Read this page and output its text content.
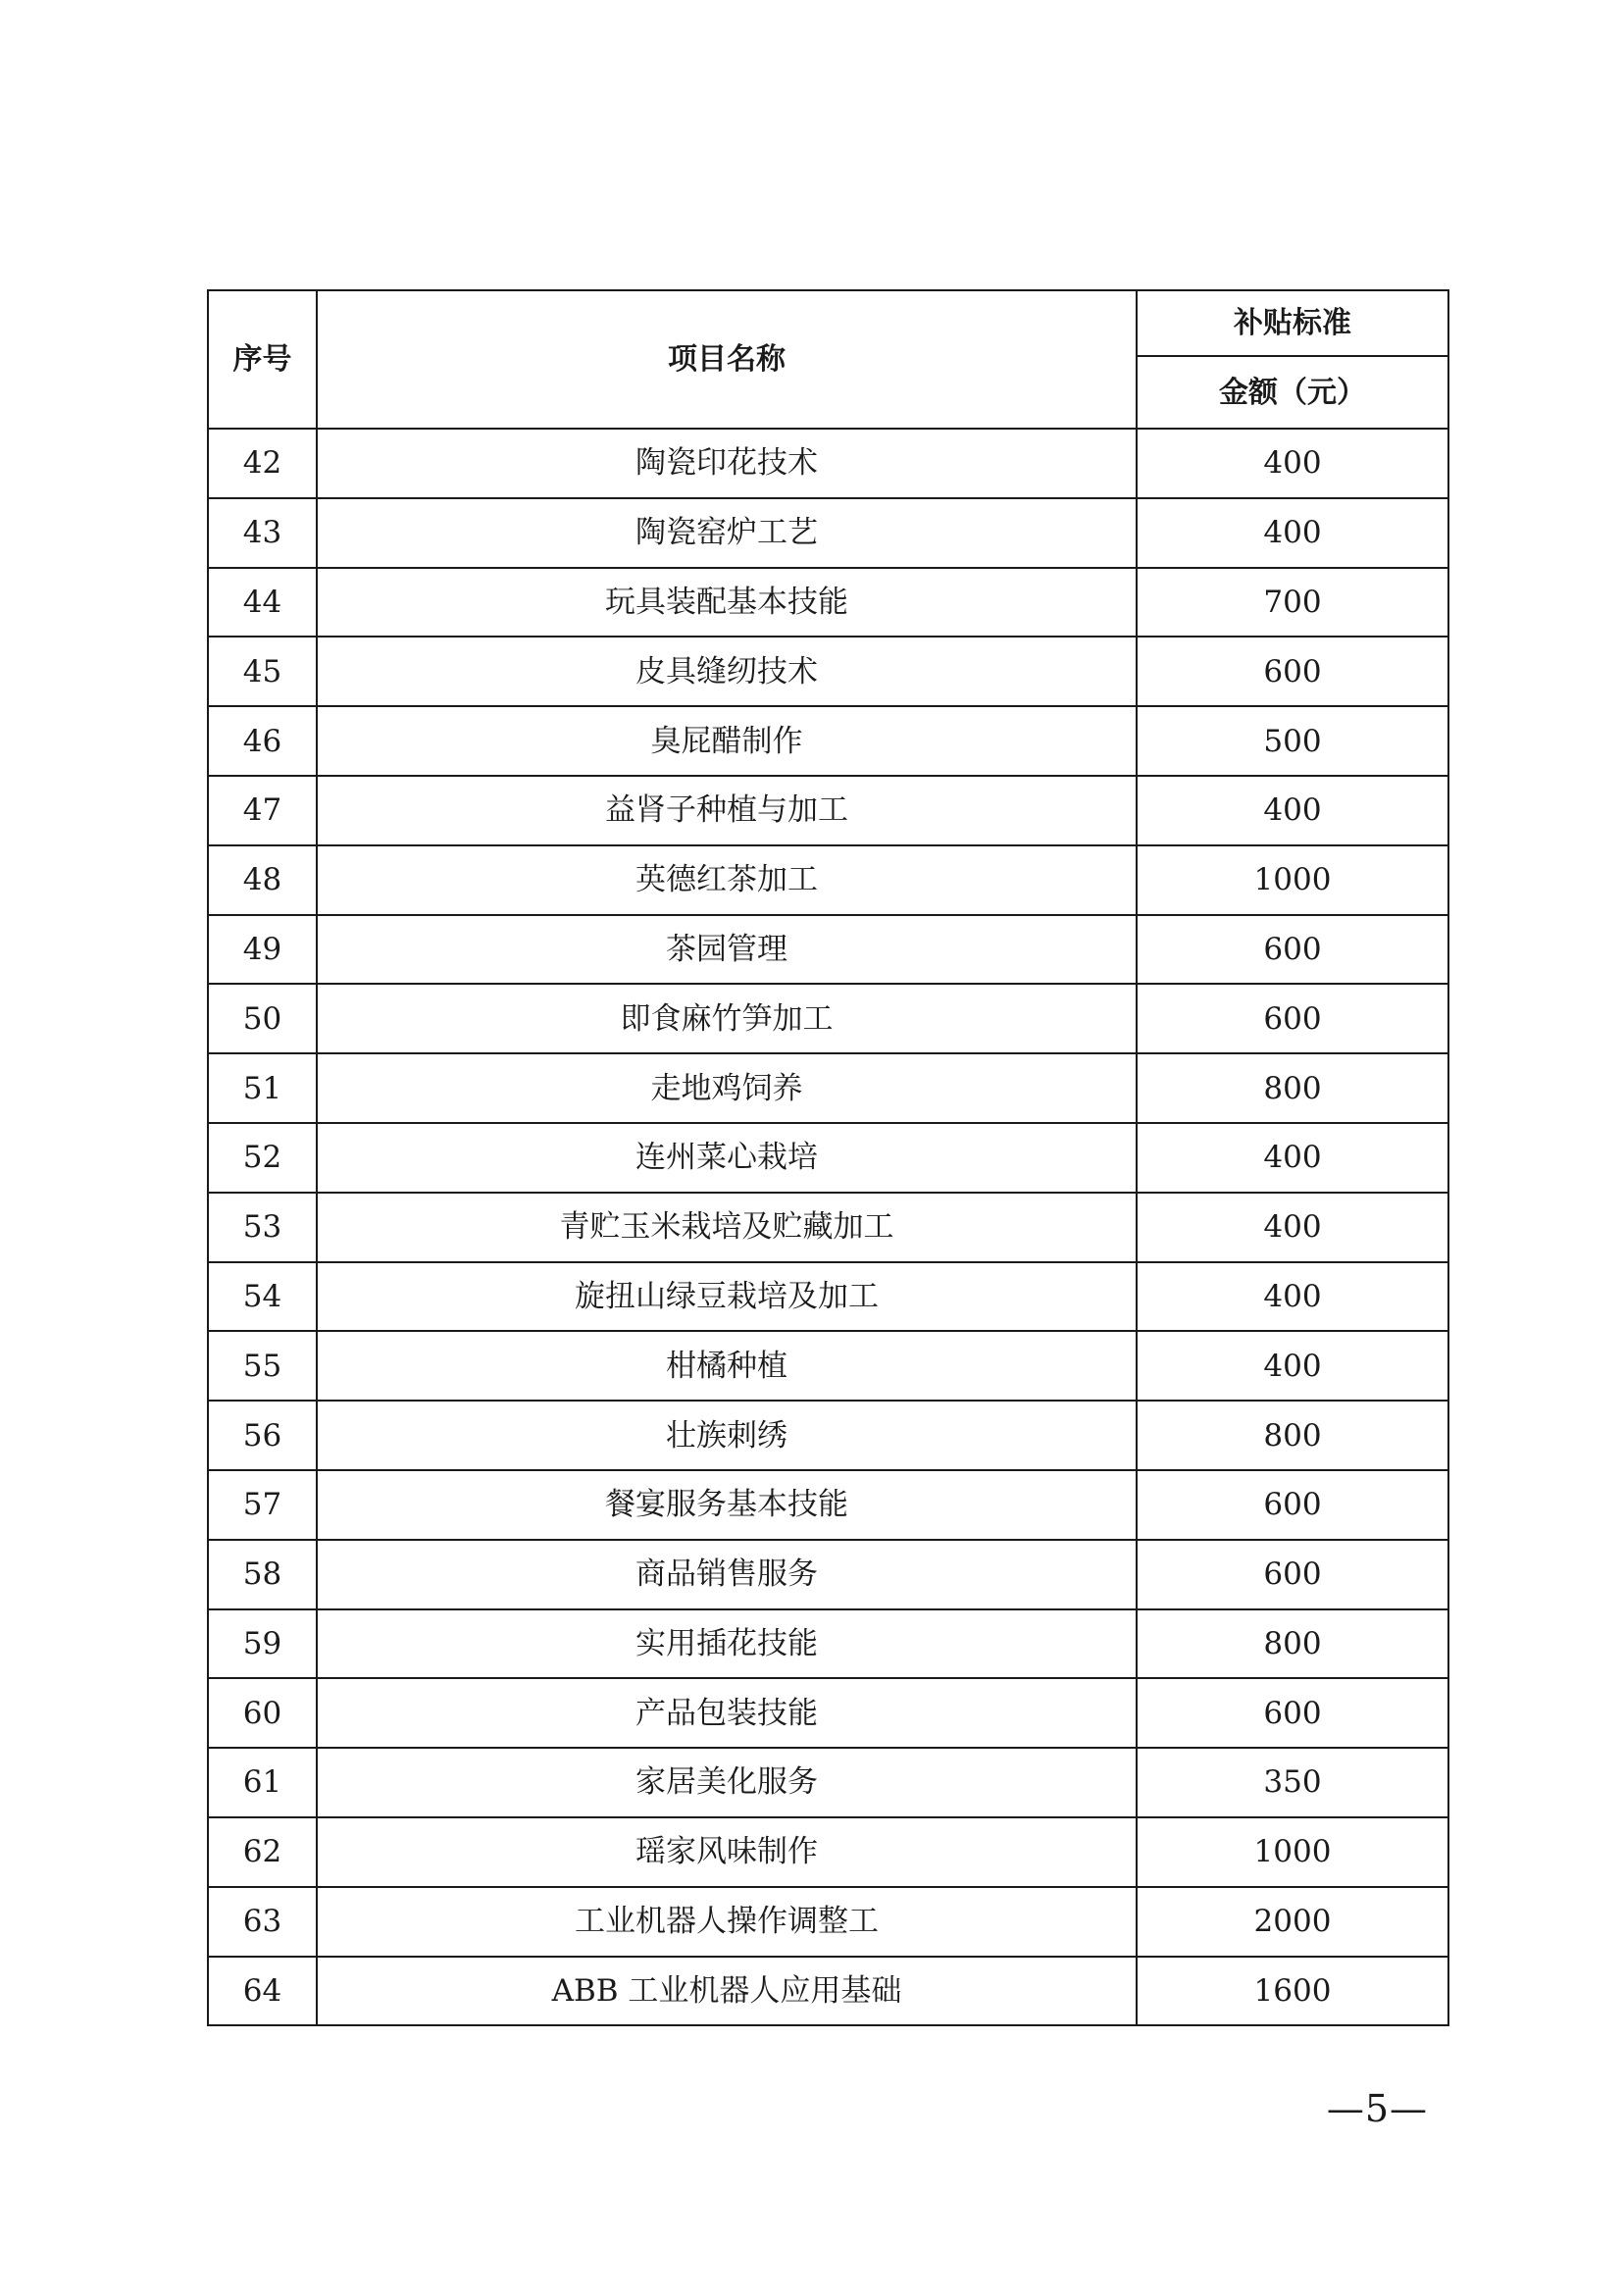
序号	项目名称	补贴标准
		金额（元）
42	陶瓷印花技术	400
43	陶瓷窑炉工艺	400
44	玩具装配基本技能	700
45	皮具缝纫技术	600
46	臭屁醋制作	500
47	益肾子种植与加工	400
48	英德红茶加工	1000
49	茶园管理	600
50	即食麻竹笋加工	600
51	走地鸡饲养	800
52	连州菜心栽培	400
53	青贮玉米栽培及贮藏加工	400
54	旋扭山绿豆栽培及加工	400
55	柑橘种植	400
56	壮族刺绣	800
57	餐宴服务基本技能	600
58	商品销售服务	600
59	实用插花技能	800
60	产品包装技能	600
61	家居美化服务	350
62	瑶家风味制作	1000
63	工业机器人操作调整工	2000
64	ABB 工业机器人应用基础	1600
—5—
